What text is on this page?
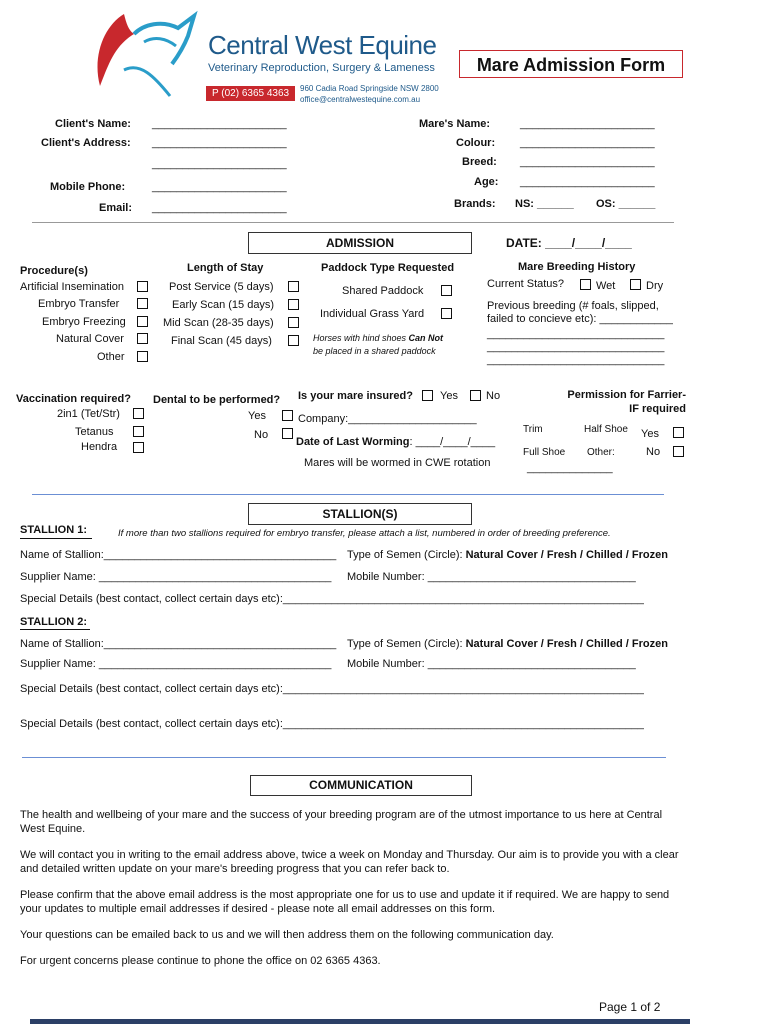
Central West Equine
Veterinary Reproduction, Surgery & Lameness
P (02) 6365 4363	960 Cadia Road Springside NSW 2800
office@centralwestequine.com.au
Mare Admission Form
Client's Name: ______________________
Client's Address: ______________________
______________________
Mobile Phone: ______________________
Email: ______________________
Mare's Name:	______________________
Colour: ______________________
Breed: ______________________
Age: ______________________
Brands: NS: ______ OS: ______
ADMISSION	DATE: ____/____/____
Procedure(s)
Artificial Insemination
Embryo Transfer
Embryo Freezing
Natural Cover
Other
Length of Stay
Post Service (5 days)
Early Scan (15 days)
Mid Scan (28-35 days)
Final Scan (45 days)
Paddock Type Requested
Shared Paddock
Individual Grass Yard
Horses with hind shoes Can Not
be placed in a shared paddock
Mare Breeding History
Current Status?	Wet	Dry
Previous breeding (# foals, slipped,
failed to concieve etc): ____________
_____________________________
_____________________________
_____________________________
Vaccination required?
2in1 (Tet/Str)
Tetanus
Hendra
Dental to be performed?
Yes
No
Is your mare insured? Yes	No
Company:_____________________
Date of Last Worming: ____/____/____
Mares will be wormed in CWE rotation
Permission for Farrier-
IF required
Trim	Half Shoe Yes
Full Shoe Other:	No
______________
STALLION(S)
STALLION 1:	If more than two stallions required for embryo transfer, please attach a list, numbered in order of breeding preference.
Name of Stallion:______________________________________ Type of Semen (Circle): Natural Cover / Fresh / Chilled / Frozen
Supplier Name: ______________________________________ Mobile Number: __________________________________
Special Details (best contact, collect certain days etc):___________________________________________________________
STALLION 2:
Name of Stallion:______________________________________ Type of Semen (Circle): Natural Cover / Fresh / Chilled / Frozen
Supplier Name: ______________________________________ Mobile Number: __________________________________
Special Details (best contact, collect certain days etc):___________________________________________________________
Special Details (best contact, collect certain days etc):___________________________________________________________
COMMUNICATION

The health and wellbeing of your mare and the success of your breeding program are of the utmost importance to us here at Central West Equine.

We will contact you in writing to the email address above, twice a week on Monday and Thursday. Our aim is to provide you with a clear and detailed written update on your mare's breeding progress that you can refer back to.

Please confirm that the above email address is the most appropriate one for us to use and update it if required. We are happy to send your updates to multiple email addresses if desired - please note all email addresses on this form.

Your questions can be emailed back to us and we will then address them on the following communication day.

For urgent concerns please continue to phone the office on 02 6365 4363.

Page 1 of 2
